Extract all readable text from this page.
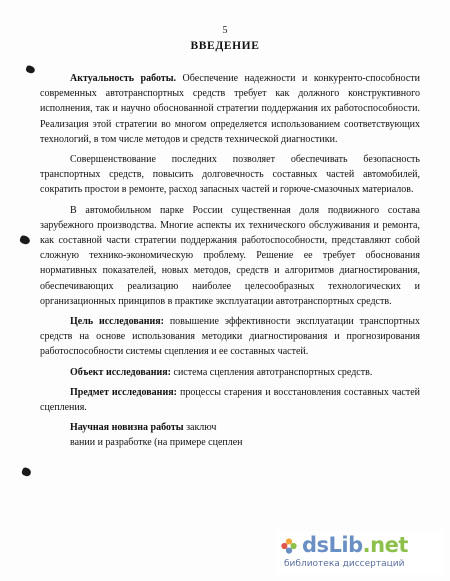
5
ВВЕДЕНИЕ

Актуальность работы. Обеспечение надежности и конкуренто-способности современных автотранспортных средств требует как должного конструктивного исполнения, так и научно обоснованной стратегии поддержания их работоспособности. Реализация этой стратегии во многом определяется использованием соответствующих технологий, в том числе методов и средств технической диагностики.

Совершенствование последних позволяет обеспечивать безопасность транспортных средств, повысить долговечность составных частей автомобилей, сократить простои в ремонте, расход запасных частей и горюче-смазочных материалов.

В автомобильном парке России существенная доля подвижного состава зарубежного производства. Многие аспекты их технического обслуживания и ремонта, как составной части стратегии поддержания работоспособности, представляют собой сложную технико-экономическую проблему. Решение ее требует обоснования нормативных показателей, новых методов, средств и алгоритмов диагностирования, обеспечивающих реализацию наиболее целесообразных технологических и организационных принципов в практике эксплуатации автотранспортных средств.

Цель исследования: повышение эффективности эксплуатации транспортных средств на основе использования методики диагностирования и прогнозирования работоспособности системы сцепления и ее составных частей.

Объект исследования: система сцепления автотранспортных средств.

Предмет исследования: процессы старения и восстановления составных частей сцепления.

Научная новизна работы заключ
вании и разработке (на примере сцеплен

dsLib.net
библиотека диссертаций
